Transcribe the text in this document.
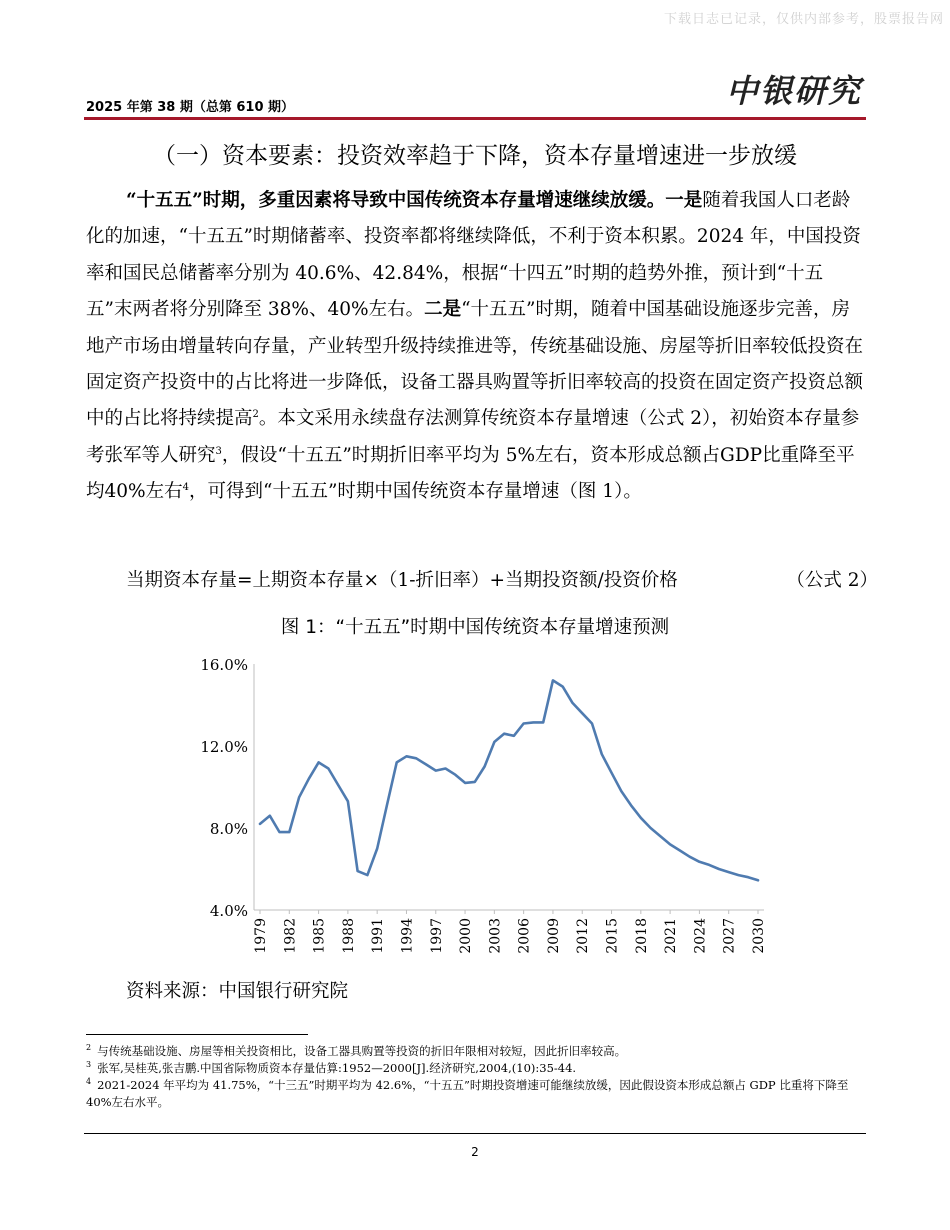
下载日志已记录，仅供内部参考，股票报告网
2025 年第 38 期（总第 610 期）	中银研究
（一）资本要素：投资效率趋于下降，资本存量增速进一步放缓

“十五五”时期，多重因素将导致中国传统资本存量增速继续放缓。一是随着我国人口老龄化的加速，“十五五”时期储蓄率、投资率都将继续降低，不利于资本积累。2024 年，中国投资率和国民总储蓄率分别为 40.6%、42.84%，根据“十四五”时期的趋势外推，预计到“十五五”末两者将分别降至 38%、40%左右。二是“十五五”时期，随着中国基础设施逐步完善，房地产市场由增量转向存量，产业转型升级持续推进等，传统基础设施、房屋等折旧率较低投资在固定资产投资中的占比将进一步降低，设备工器具购置等折旧率较高的投资在固定资产投资总额中的占比将持续提高$^2$。本文采用永续盘存法测算传统资本存量增速（公式 2），初始资本存量参考张军等人研究$^3$，假设“十五五”时期折旧率平均为 5%左右，资本形成总额占GDP比重降至平均40%左右$^4$，可得到“十五五”时期中国传统资本存量增速（图 1）。

当期资本存量=上期资本存量×（1-折旧率）+当期投资额/投资价格	（公式 2）
图 1：“十五五”时期中国传统资本存量增速预测
4.0%
8.0%
12.0%
16.0%
1979 1982 1985 1988 1991 1994 1997 2000 2003 2006 2009 2012 2015 2018 2021 2024 2027 2030
资料来源：中国银行研究院
$^2$ 与传统基础设施、房屋等相关投资相比，设备工器具购置等投资的折旧年限相对较短，因此折旧率较高。
$^3$ 张军,吴桂英,张吉鹏.中国省际物质资本存量估算:1952—2000[J].经济研究,2004,(10):35-44.
$^4$ 2021-2024 年平均为 41.75%，“十三五”时期平均为 42.6%，“十五五”时期投资增速可能继续放缓，因此假设资本形成总额占 GDP 比重将下降至 40%左右水平。
2
